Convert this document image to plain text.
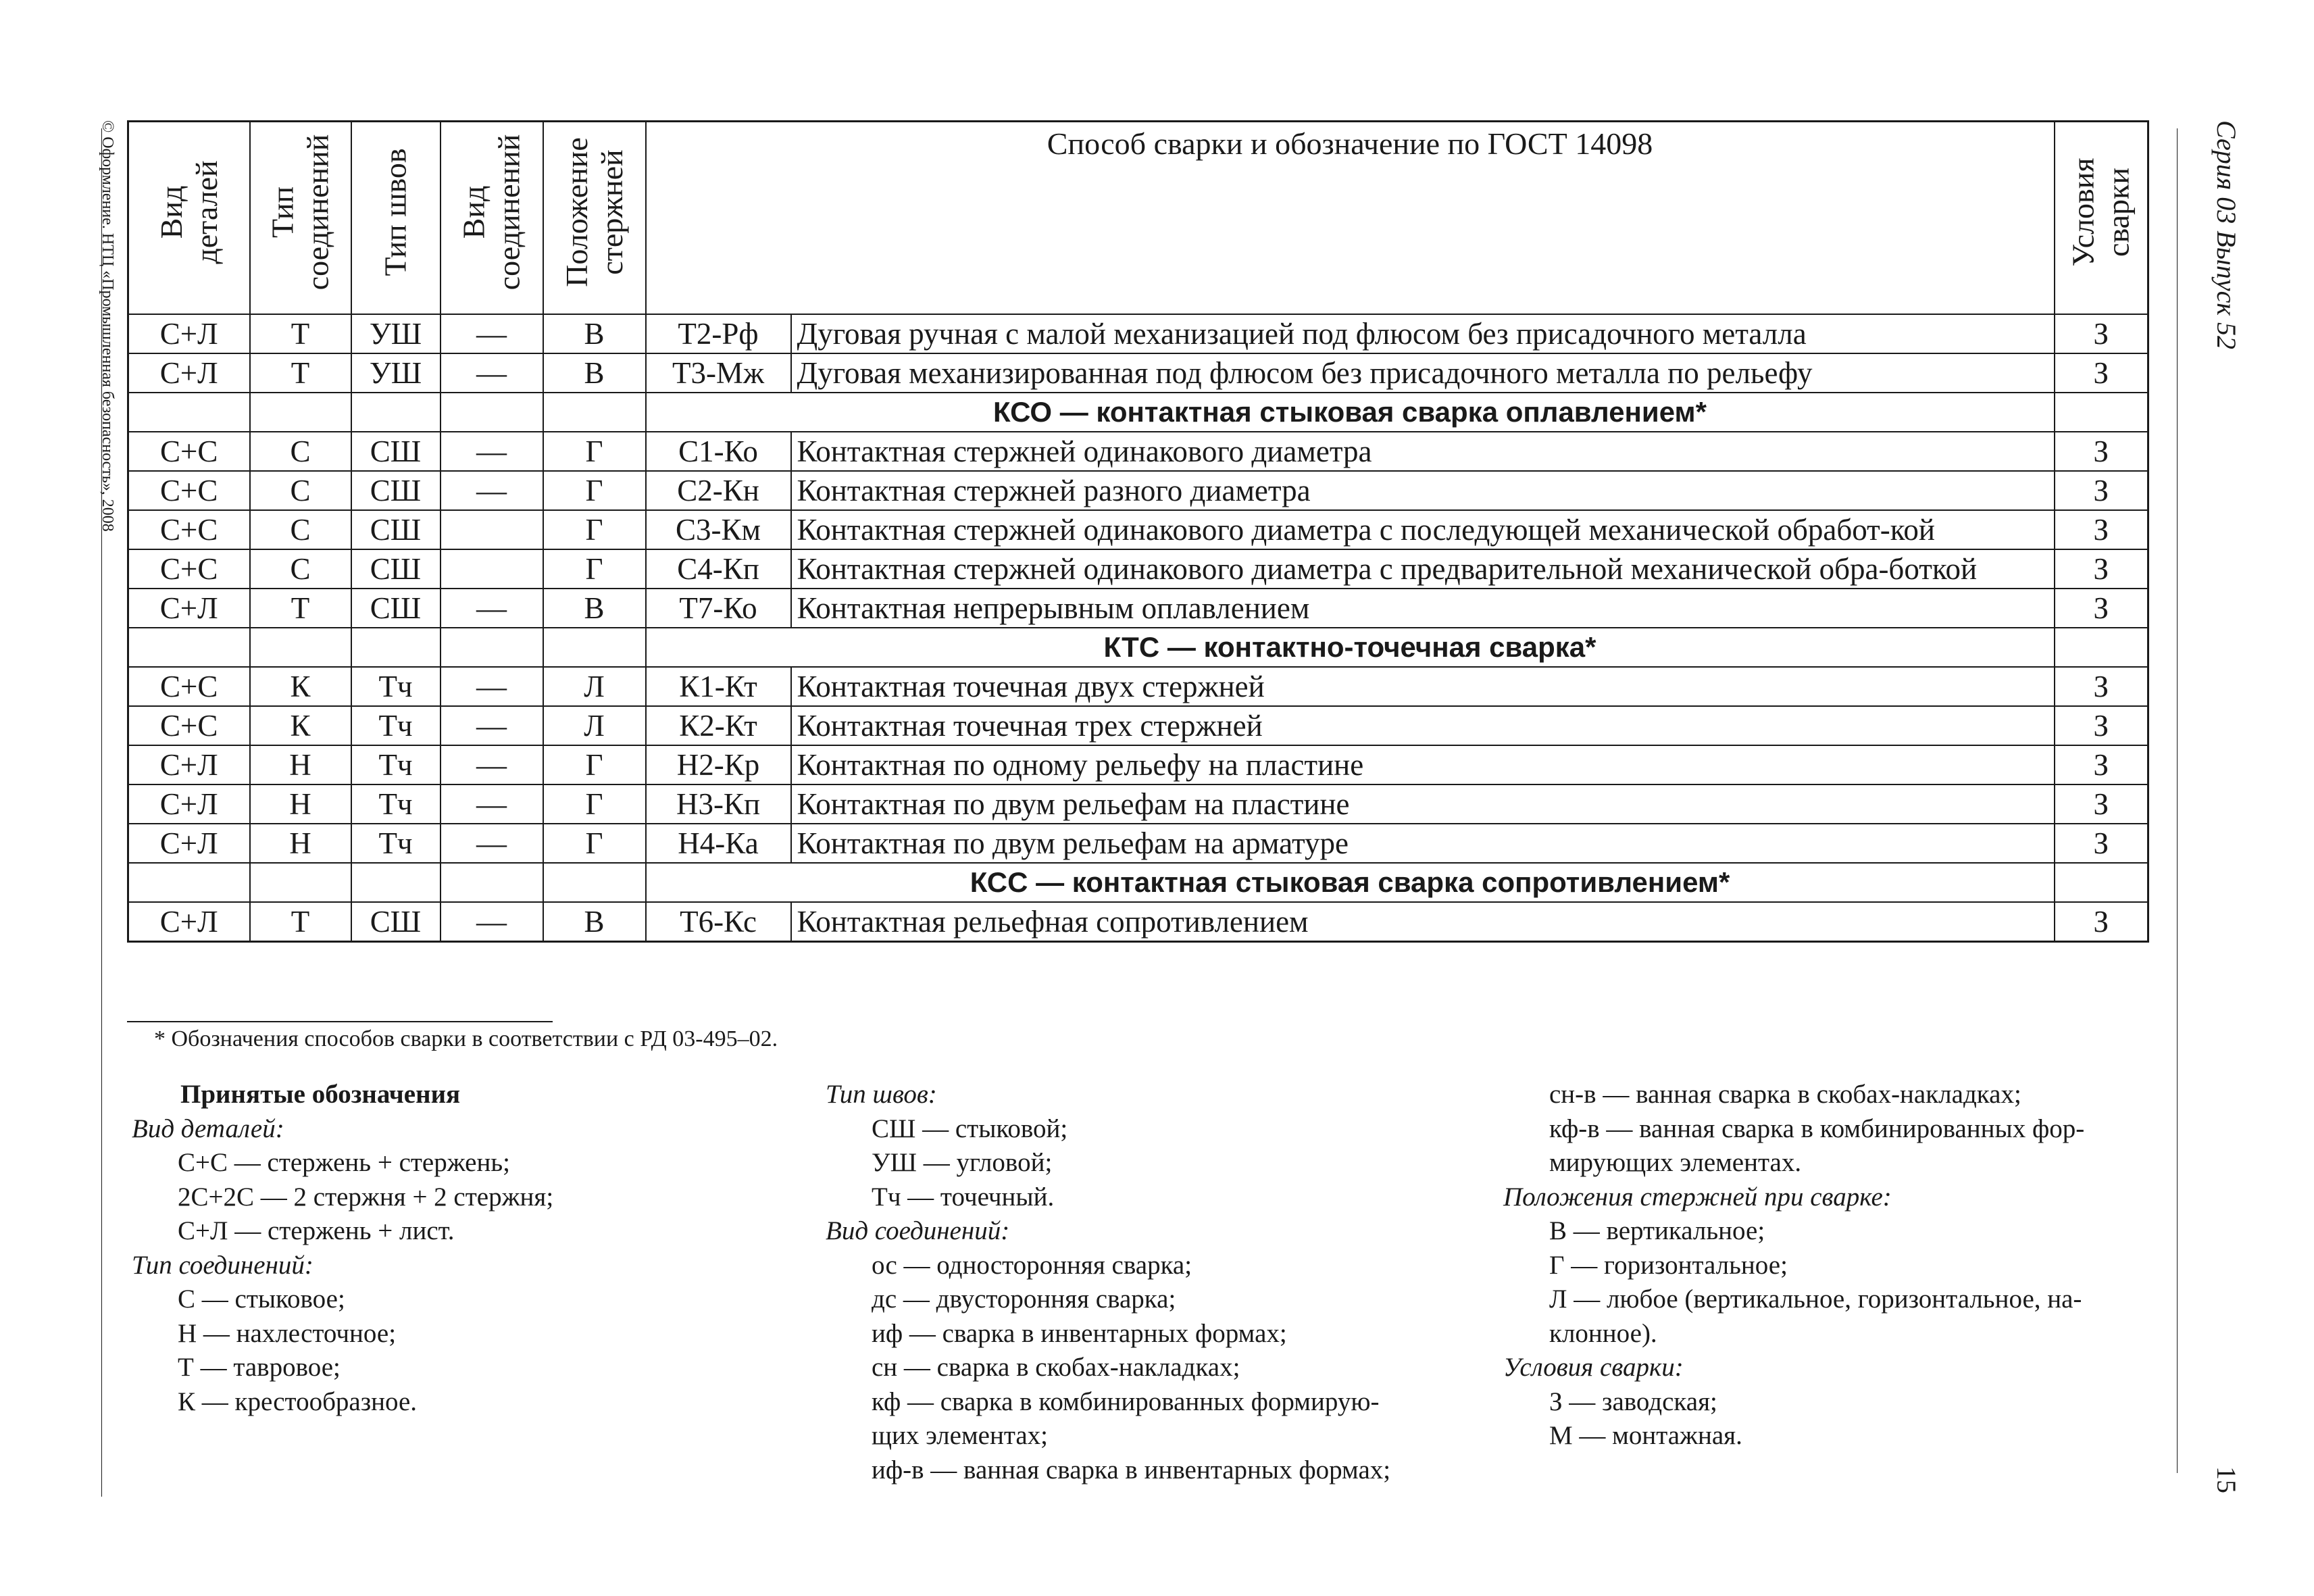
© Оформление. НТЦ «Промышленная безопасность», 2008	Серия 03 Выпуск 52
15
Вид деталей	Тип соединений	Тип швов	Вид соединений	Положение стержней	Способ сварки и обозначение по ГОСТ 14098		Условия сварки

С+Л	Т	УШ	—	В	Т2-Рф	Дуговая ручная с малой механизацией под флюсом без присадочного металла	З
С+Л	Т	УШ	—	В	Т3-Мж	Дуговая механизированная под флюсом без присадочного металла по рельефу	З
					КСО — контактная стыковая сварка оплавлением*		
С+С	С	СШ	—	Г	С1-Ко	Контактная стержней одинакового диаметра	З
С+С	С	СШ	—	Г	С2-Кн	Контактная стержней разного диаметра	З
С+С	С	СШ		Г	С3-Км	Контактная стержней одинакового диаметра с последующей механической обработ-кой	З
С+С	С	СШ		Г	С4-Кп	Контактная стержней одинакового диаметра с предварительной механической обра-боткой	З
С+Л	Т	СШ	—	В	Т7-Ко	Контактная непрерывным оплавлением	З
					КТС — контактно-точечная сварка*		
С+С	К	Тч	—	Л	К1-Кт	Контактная точечная двух стержней	З
С+С	К	Тч	—	Л	К2-Кт	Контактная точечная трех стержней	З
С+Л	Н	Тч	—	Г	Н2-Кр	Контактная по одному рельефу на пластине	З
С+Л	Н	Тч	—	Г	Н3-Кп	Контактная по двум рельефам на пластине	З
С+Л	Н	Тч	—	Г	Н4-Ка	Контактная по двум рельефам на арматуре	З
					КСС — контактная стыковая сварка сопротивлением*		
С+Л	Т	СШ	—	В	Т6-Кс	Контактная рельефная сопротивлением	З
* Обозначения способов сварки в соответствии с РД 03-495–02.
Принятые обозначения
Вид деталей:
С+С — стержень + стержень;
2С+2С — 2 стержня + 2 стержня;
С+Л — стержень + лист.
Тип соединений:
С — стыковое;
Н — нахлесточное;
Т — тавровое;
К — крестообразное.
Тип швов:
СШ — стыковой;
УШ — угловой;
Тч — точечный.
Вид соединений:
ос — односторонняя сварка;
дс — двусторонняя сварка;
иф — сварка в инвентарных формах;
сн — сварка в скобах-накладках;
кф — сварка в комбинированных формирую-
щих элементах;
иф-в — ванная сварка в инвентарных формах;
сн-в — ванная сварка в скобах-накладках;
кф-в — ванная сварка в комбинированных фор-
мирующих элементах.
Положения стержней при сварке:
В — вертикальное;
Г — горизонтальное;
Л — любое (вертикальное, горизонтальное, на-
клонное).
Условия сварки:
З — заводская;
М — монтажная.
